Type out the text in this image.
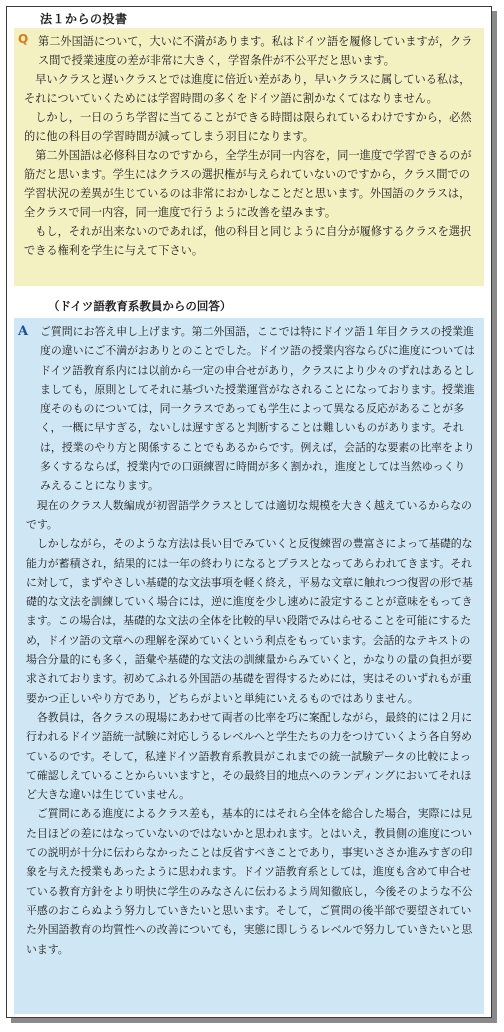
法１からの投書
Q 第二外国語について，大いに不満があります。私はドイツ語を履修していますが，クラス間で授業速度の差が非常に大きく，学習条件が不公平だと思います。

早いクラスと遅いクラスとでは進度に倍近い差があり，早いクラスに属している私は，それについていくためには学習時間の多くをドイツ語に割かなくてはなりません。

しかし，一日のうち学習に当てることができる時間は限られているわけですから，必然的に他の科目の学習時間が減ってしまう羽目になります。

第二外国語は必修科目なのですから，全学生が同一内容を，同一進度で学習できるのが筋だと思います。学生にはクラスの選択権が与えられていないのですから，クラス間での学習状況の差異が生じているのは非常におかしなことだと思います。外国語のクラスは，全クラスで同一内容，同一進度で行うように改善を望みます。

もし，それが出来ないのであれば，他の科目と同じように自分が履修するクラスを選択できる権利を学生に与えて下さい。

（ドイツ語教育系教員からの回答）
A	ご質問にお答え申し上げます。第二外国語，ここでは特にドイツ語１年目クラスの授業進度の違いにご不満がおありとのことでした。ドイツ語の授業内容ならびに進度についてはドイツ語教育系内には以前から一定の申合せがあり，クラスにより少々のずれはあるとしましても，原則としてそれに基づいた授業運営がなされることになっております。授業進度そのものについては，同一クラスであっても学生によって異なる反応があることが多く，一概に早すぎる，ないしは遅すぎると判断することは難しいものがあります。それは，授業のやり方と関係することでもあるからです。例えば，会話的な要素の比率をより多くするならば，授業内での口頭練習に時間が多く割かれ，進度としては当然ゆっくりみえることになります。

現在のクラス人数編成が初習語学クラスとしては適切な規模を大きく越えているからなのです。

しかしながら，そのような方法は長い目でみていくと反復練習の豊富さによって基礎的な能力が蓄積され，結果的には一年の終わりになるとプラスとなってあらわれてきます。それに対して，まずやさしい基礎的な文法事項を軽く終え，平易な文章に触れつつ復習の形で基礎的な文法を訓練していく場合には，逆に進度を少し速めに設定することが意味をもってきます。この場合は，基礎的な文法の全体を比較的早い段階でみはらせることを可能にするため，ドイツ語の文章への理解を深めていくという利点をもっています。会話的なテキストの場合分量的にも多く，語彙や基礎的な文法の訓練量からみていくと，かなりの量の負担が要求されております。初めてふれる外国語の基礎を習得するためには，実はそのいずれもが重要かつ正しいやり方であり，どちらがよいと単純にいえるものではありません。

各教員は，各クラスの現場にあわせて両者の比率を巧に案配しながら，最終的には２月に行われるドイツ語統一試験に対応しうるレベルへと学生たちの力をつけていくよう各自努めているのです。そして，私達ドイツ語教育系教員がこれまでの統一試験データの比較によって確認しえていることからいいますと，その最終目的地点へのランディングにおいてそれほど大きな違いは生じていません。

ご質問にある進度によるクラス差も，基本的にはそれら全体を総合した場合，実際には見た目ほどの差にはなっていないのではないかと思われます。とはいえ，教員側の進度についての説明が十分に伝わらなかったことは反省すべきことであり，事実いささか進みすぎの印象を与えた授業もあったように思われます。ドイツ語教育系としては，進度も含めて申合せている教育方針をより明快に学生のみなさんに伝わるよう周知徹底し，今後そのような不公平感のおこらぬよう努力していきたいと思います。そして，ご質問の後半部で要望されていた外国語教育の均質性への改善についても，実態に即しうるレベルで努力していきたいと思います。
